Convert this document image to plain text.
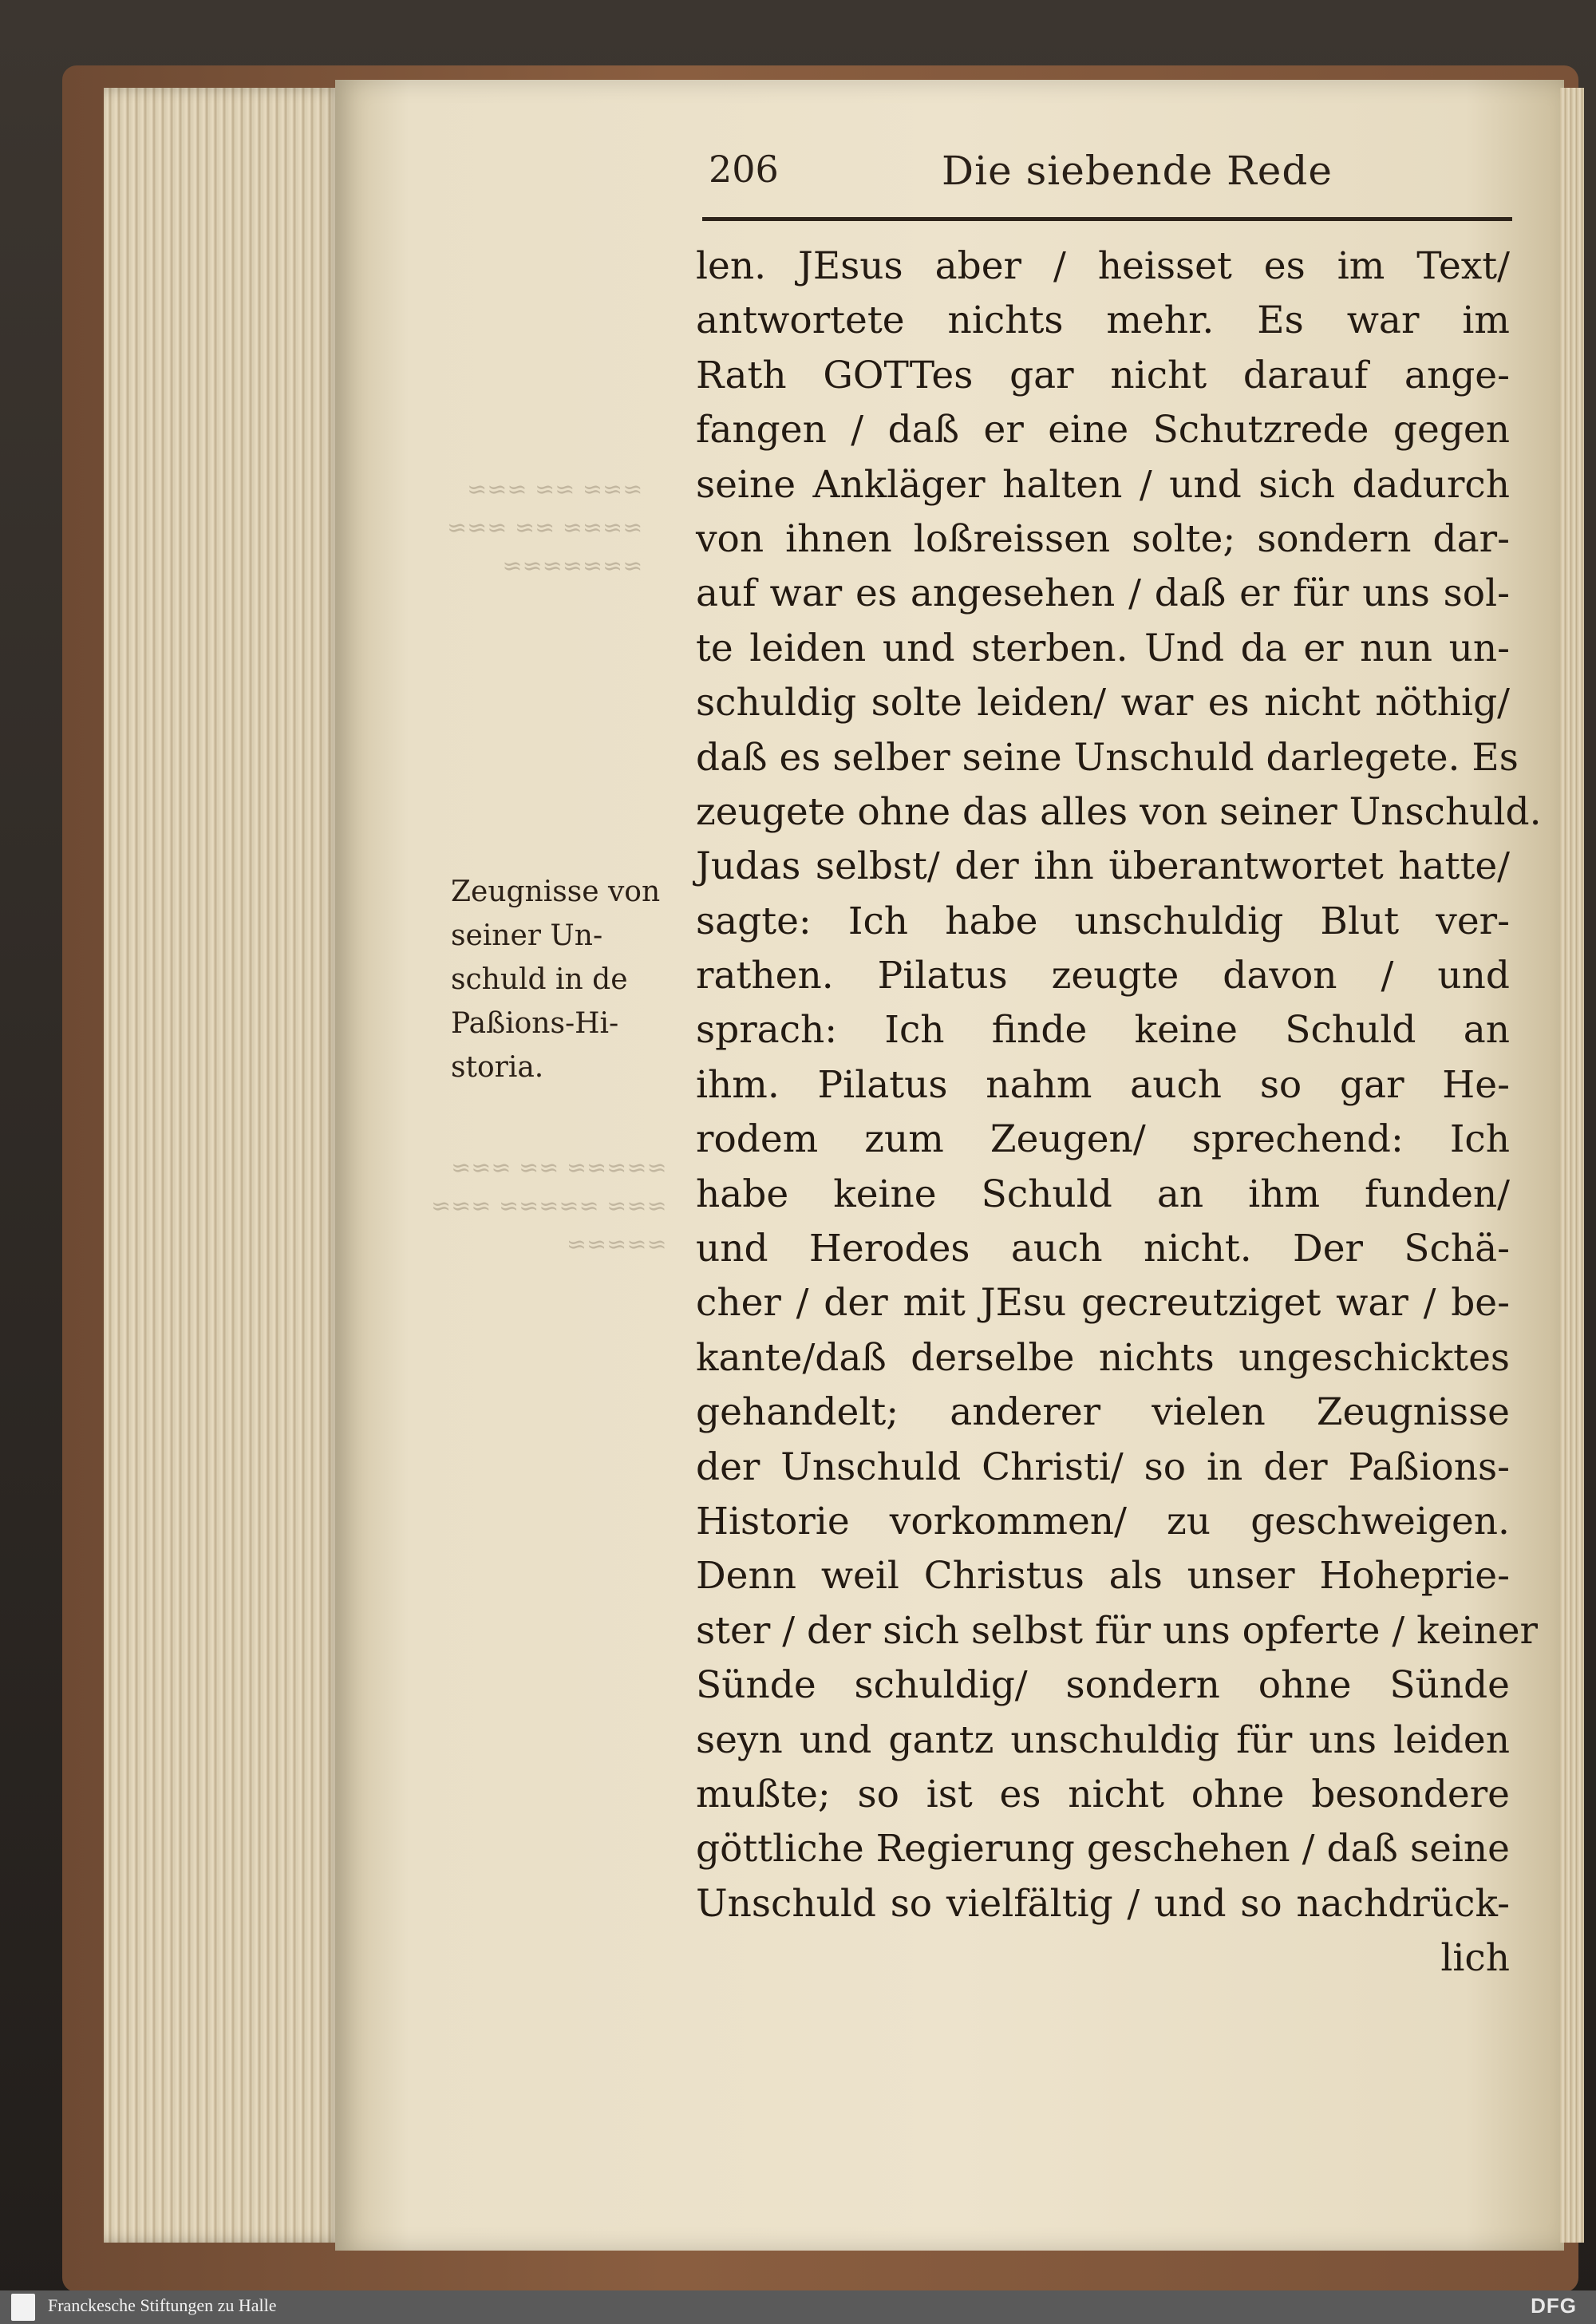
≈≈≈ ≈≈ ≈≈≈
≈≈≈≈ ≈≈ ≈≈≈
≈≈≈≈≈≈≈
≈≈≈≈≈ ≈≈ ≈≈≈
≈≈≈ ≈≈≈≈≈ ≈≈≈
≈≈≈≈≈
206	Die siebende Rede
Zeugnisse von
seiner Un-
schuld in de
Paßions-Hi-
storia.
len. JEsus aber / heisset es im Text/
antwortete nichts mehr. Es war im
Rath GOTTes gar nicht darauf ange-
fangen / daß er eine Schutzrede gegen
seine Ankläger halten / und sich dadurch
von ihnen loßreissen solte; sondern dar-
auf war es angesehen / daß er für uns sol-
te leiden und sterben. Und da er nun un-
schuldig solte leiden/ war es nicht nöthig/
daß es selber seine Unschuld darlegete. Es
zeugete ohne das alles von seiner Unschuld.
Judas selbst/ der ihn überantwortet hatte/
sagte: Ich habe unschuldig Blut ver-
rathen. Pilatus zeugte davon / und
sprach: Ich finde keine Schuld an
ihm. Pilatus nahm auch so gar He-
rodem zum Zeugen/ sprechend: Ich
habe keine Schuld an ihm funden/
und Herodes auch nicht. Der Schä-
cher / der mit JEsu gecreutziget war / be-
kante/daß derselbe nichts ungeschicktes
gehandelt; anderer vielen Zeugnisse
der Unschuld Christi/ so in der Paßions-
Historie vorkommen/ zu geschweigen.
Denn weil Christus als unser Hohepriе-
ster / der sich selbst für uns opferte / keiner
Sünde schuldig/ sondern ohne Sünde
seyn und gantz unschuldig für uns leiden
mußte; so ist es nicht ohne besondere
göttliche Regierung geschehen / daß seine
Unschuld so vielfältig / und so nachdrück-
lich
Franckesche Stiftungen zu Halle	DFG
